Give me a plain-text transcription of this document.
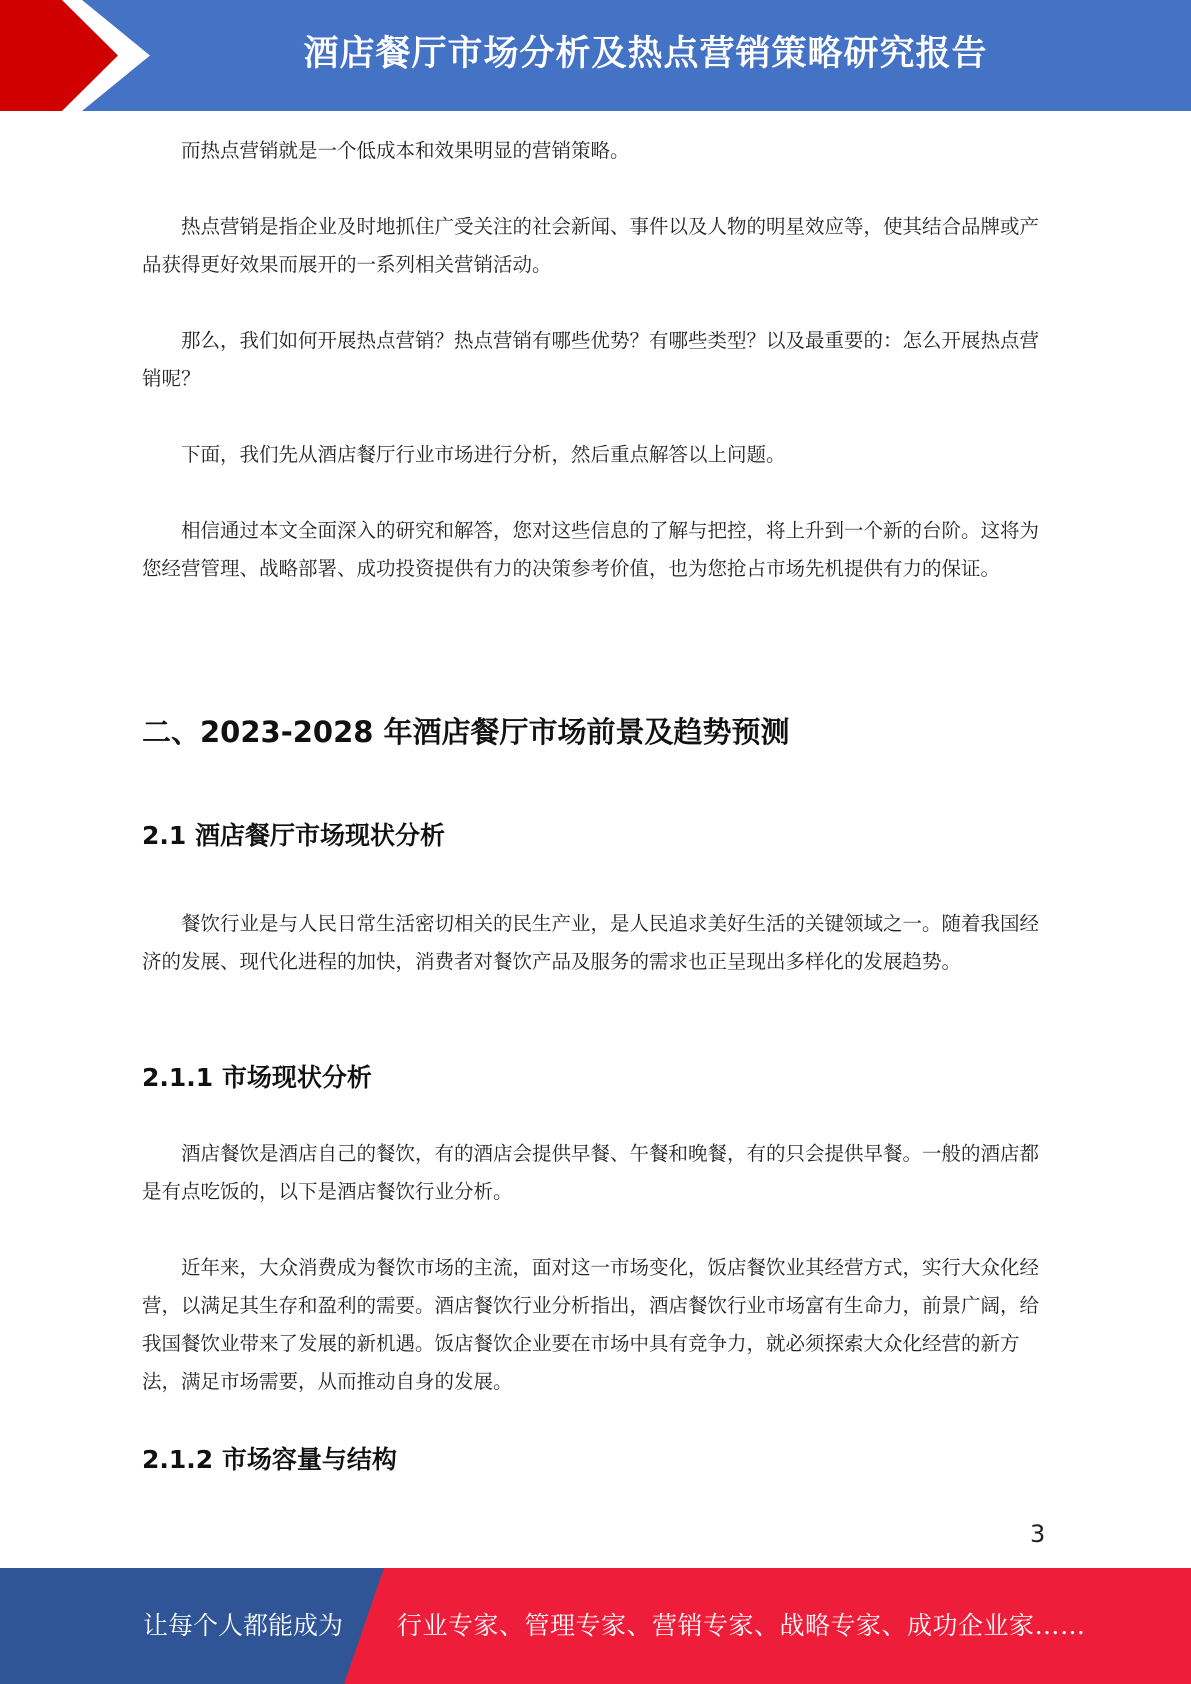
酒店餐厅市场分析及热点营销策略研究报告

而热点营销就是一个低成本和效果明显的营销策略。

热点营销是指企业及时地抓住广受关注的社会新闻、事件以及人物的明星效应等，使其结合品牌或产品获得更好效果而展开的一系列相关营销活动。

那么，我们如何开展热点营销？热点营销有哪些优势？有哪些类型？以及最重要的：怎么开展热点营销呢？

下面，我们先从酒店餐厅行业市场进行分析，然后重点解答以上问题。

相信通过本文全面深入的研究和解答，您对这些信息的了解与把控，将上升到一个新的台阶。这将为您经营管理、战略部署、成功投资提供有力的决策参考价值，也为您抢占市场先机提供有力的保证。

二、2023-2028 年酒店餐厅市场前景及趋势预测
2.1 酒店餐厅市场现状分析

餐饮行业是与人民日常生活密切相关的民生产业，是人民追求美好生活的关键领域之一。随着我国经济的发展、现代化进程的加快，消费者对餐饮产品及服务的需求也正呈现出多样化的发展趋势。

2.1.1 市场现状分析

酒店餐饮是酒店自己的餐饮，有的酒店会提供早餐、午餐和晚餐，有的只会提供早餐。一般的酒店都是有点吃饭的，以下是酒店餐饮行业分析。

近年来，大众消费成为餐饮市场的主流，面对这一市场变化，饭店餐饮业其经营方式，实行大众化经营，以满足其生存和盈利的需要。酒店餐饮行业分析指出，酒店餐饮行业市场富有生命力，前景广阔，给我国餐饮业带来了发展的新机遇。饭店餐饮企业要在市场中具有竞争力，就必须探索大众化经营的新方法，满足市场需要，从而推动自身的发展。

2.1.2 市场容量与结构
3
让每个人都能成为 行业专家、管理专家、营销专家、战略专家、成功企业家……
